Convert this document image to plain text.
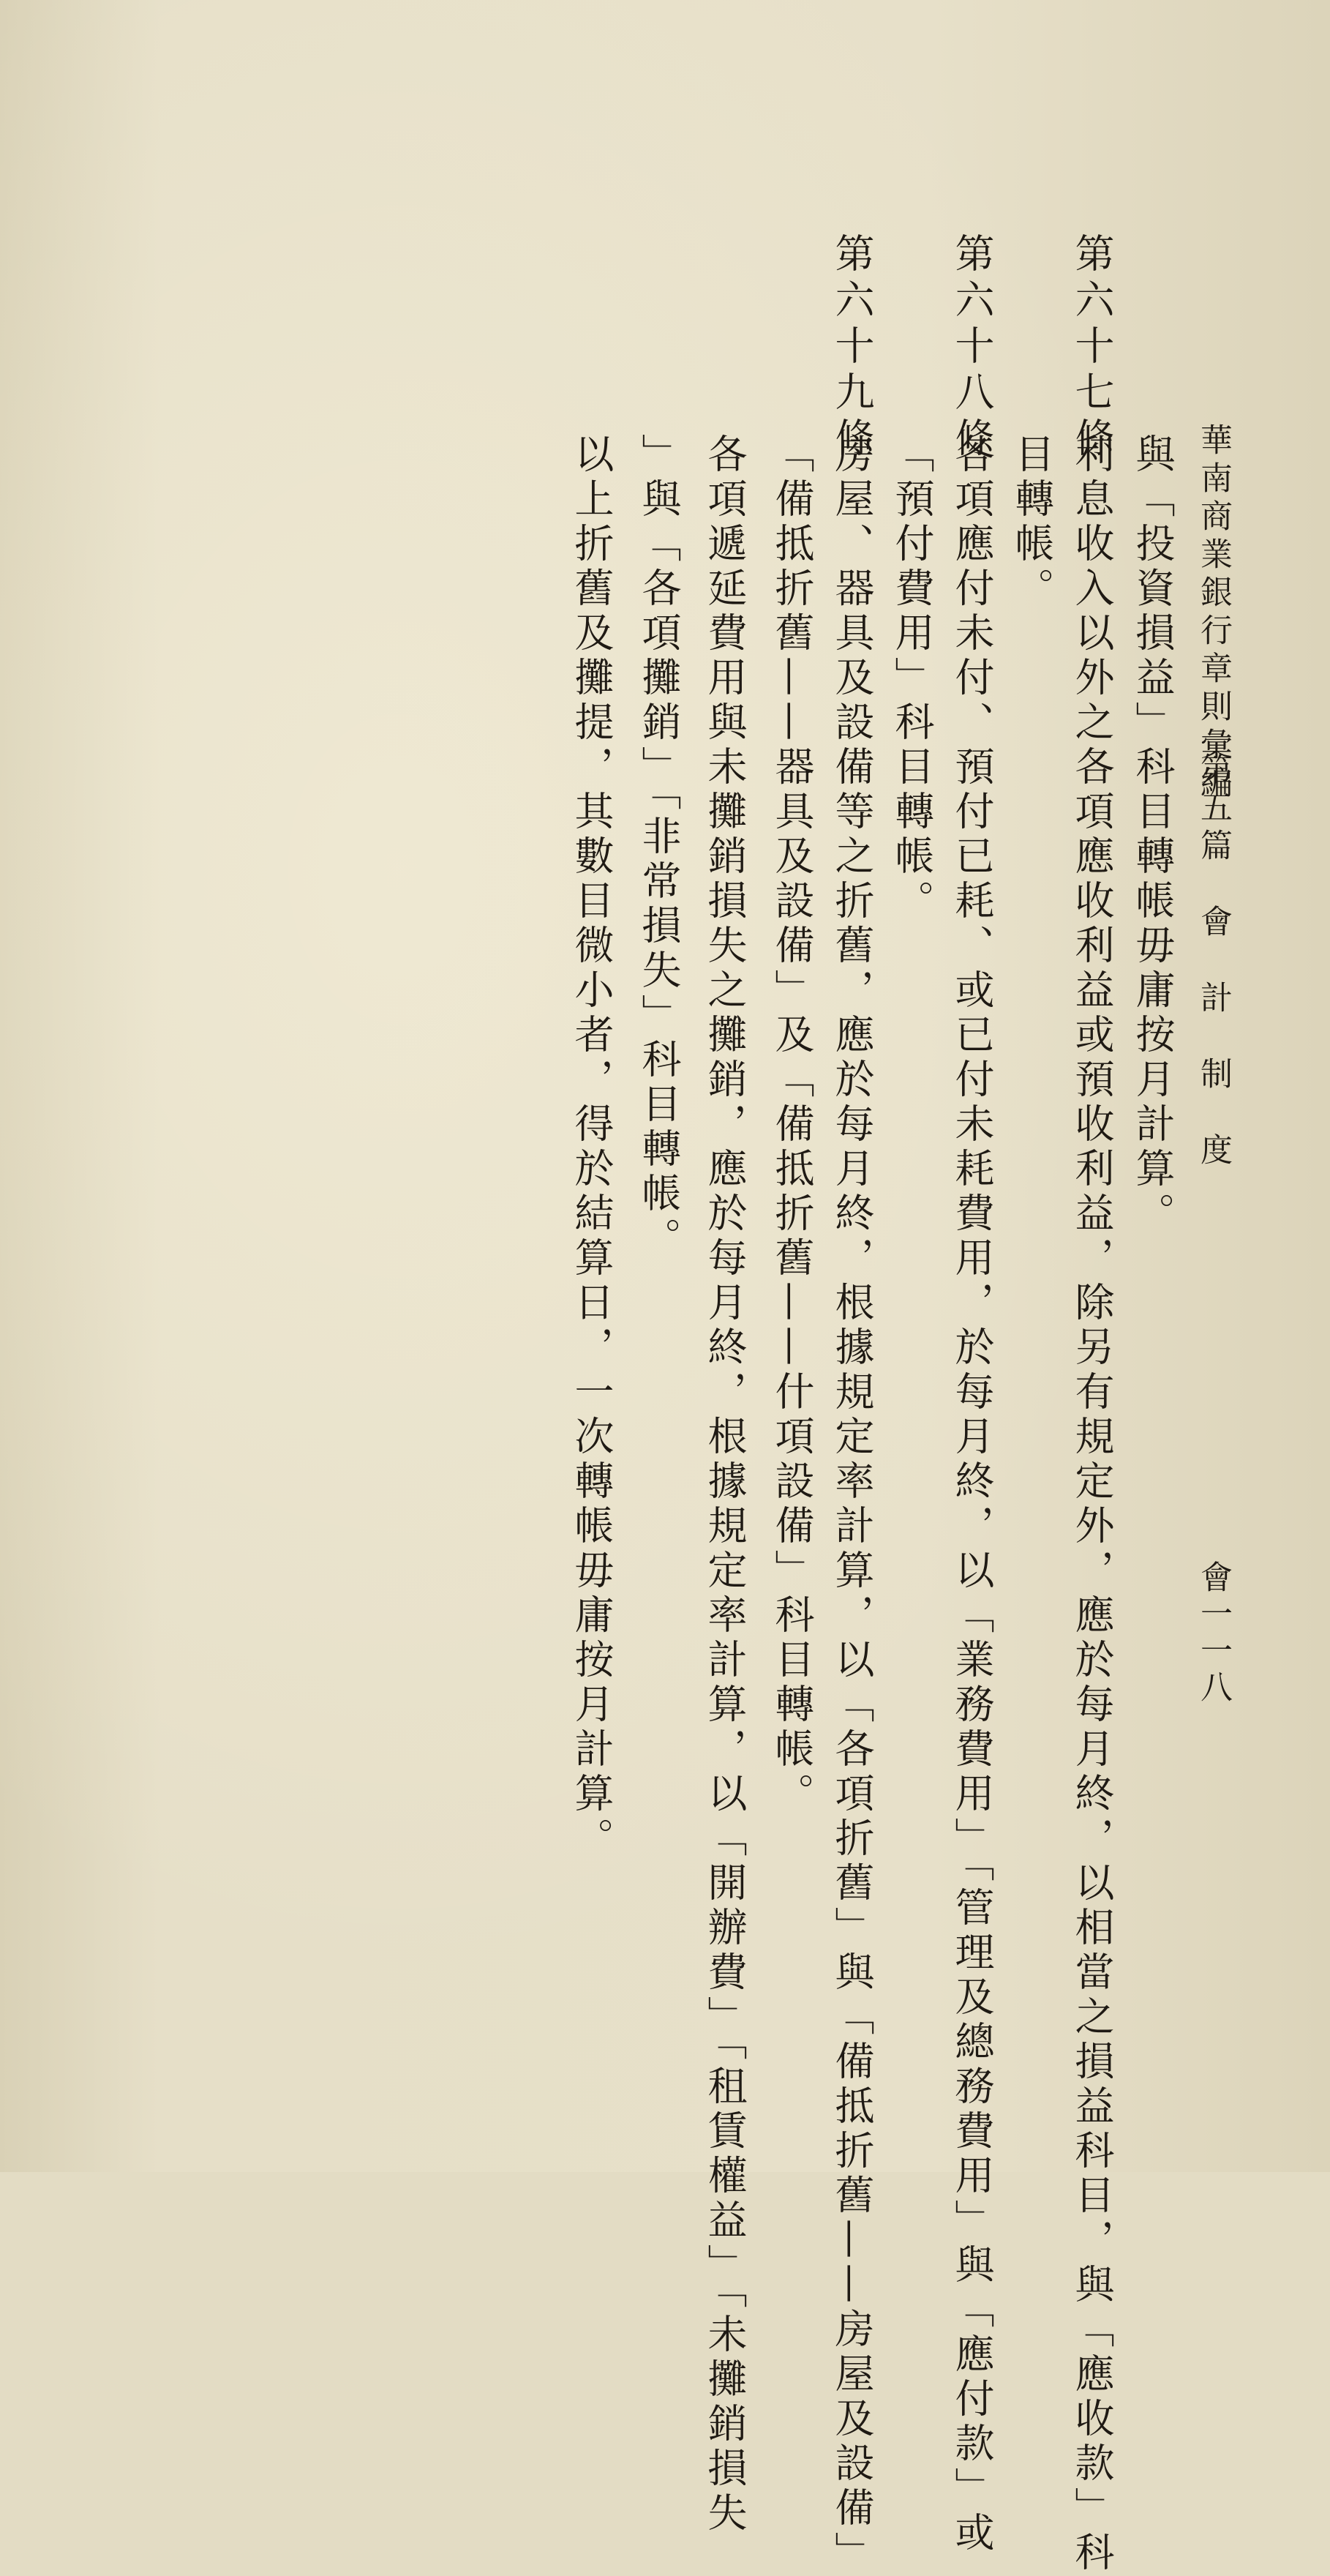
華南商業銀行章則彙編
第五篇　會　計　制　度
會一一八
與「投資損益」科目轉帳毋庸按月計算。
第六十七條
利息收入以外之各項應收利益或預收利益，除另有規定外，應於每月終，以相當之損益科目，與「應收款」科
目轉帳。
第六十八條
各項應付未付、預付已耗、或已付未耗費用，於每月終，以「業務費用」「管理及總務費用」與「應付款」或
「預付費用」科目轉帳。
第六十九條
房屋、器具及設備等之折舊，應於每月終，根據規定率計算，以「各項折舊」與「備抵折舊——房屋及設備」
「備抵折舊——器具及設備」及「備抵折舊——什項設備」科目轉帳。
各項遞延費用與未攤銷損失之攤銷，應於每月終，根據規定率計算，以「開辦費」「租賃權益」「未攤銷損失
」與「各項攤銷」「非常損失」科目轉帳。
以上折舊及攤提，其數目微小者，得於結算日，一次轉帳毋庸按月計算。
